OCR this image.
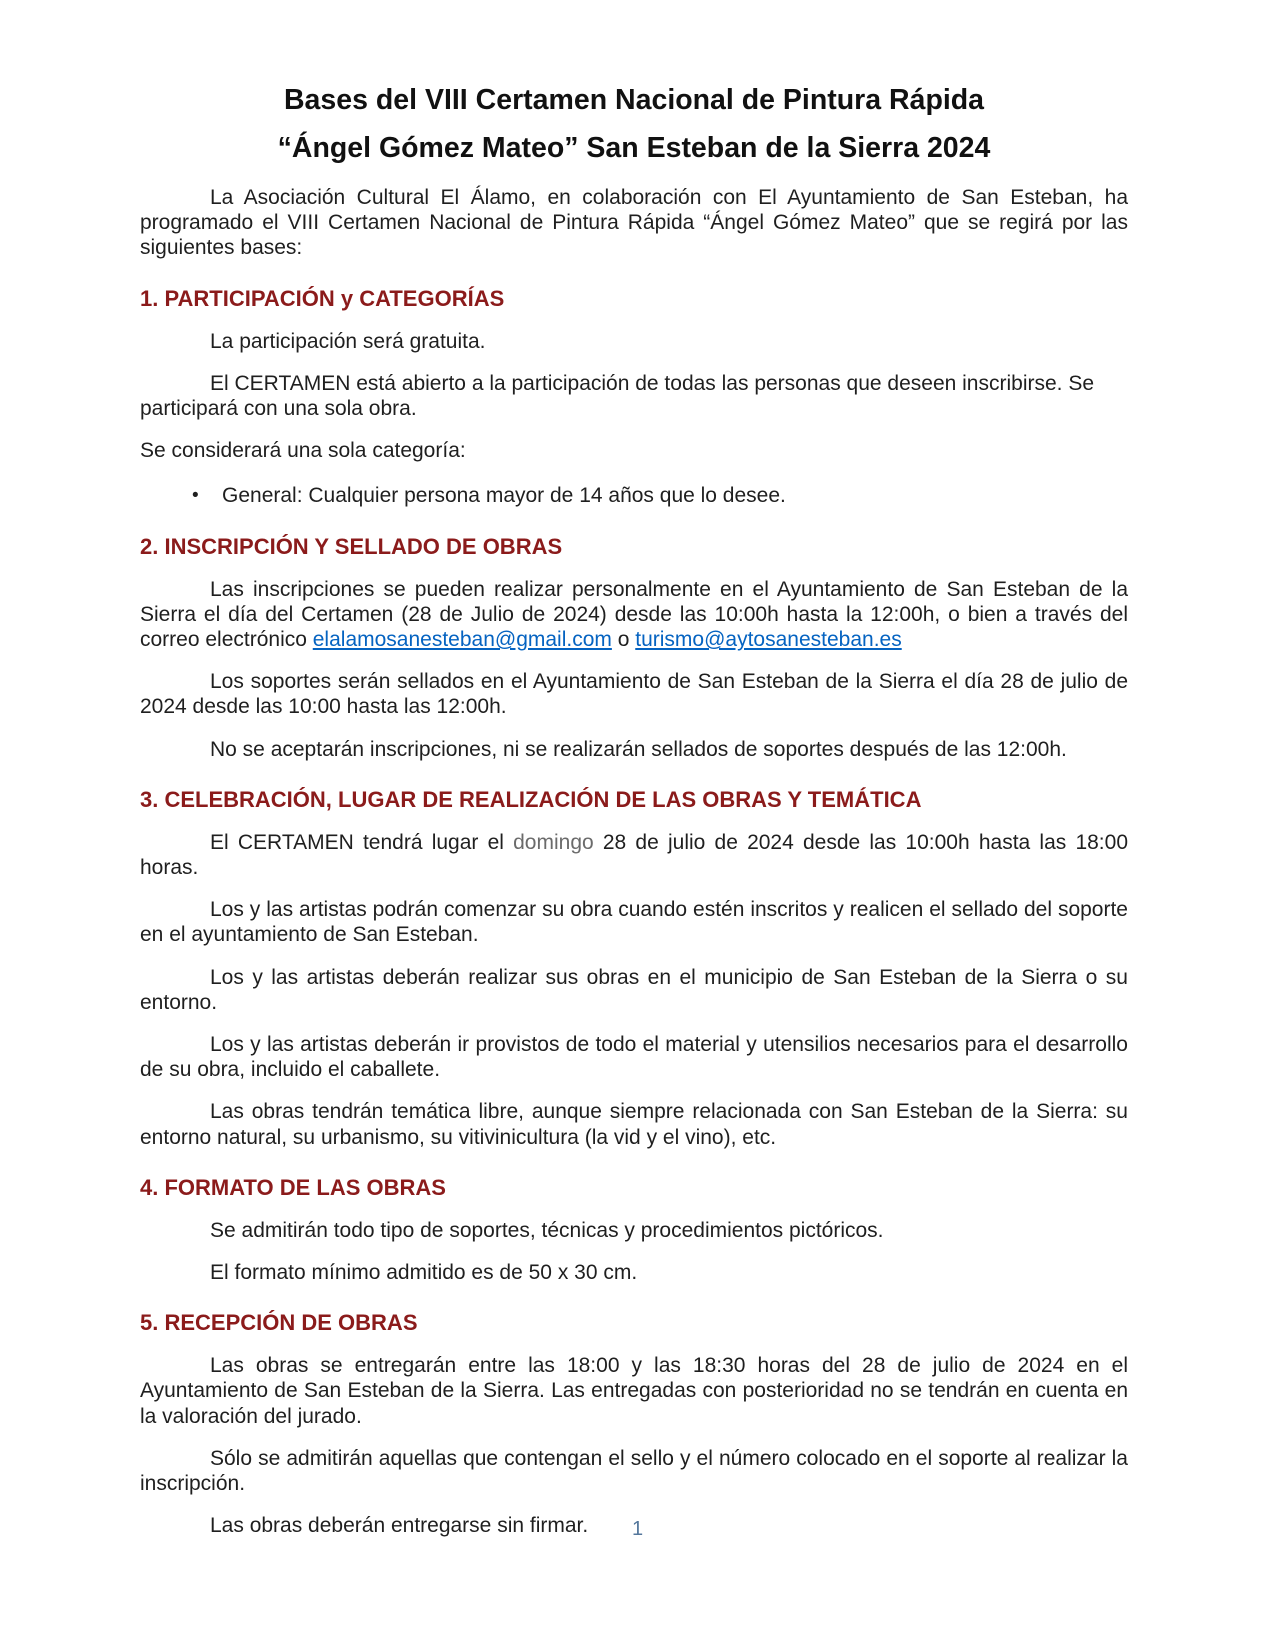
Bases del VIII Certamen Nacional de Pintura Rápida
“Ángel Gómez Mateo” San Esteban de la Sierra 2024

La Asociación Cultural El Álamo, en colaboración con El Ayuntamiento de San Esteban, ha programado el VIII Certamen Nacional de Pintura Rápida “Ángel Gómez Mateo” que se regirá por las siguientes bases:

1. PARTICIPACIÓN y CATEGORÍAS

La participación será gratuita.

El CERTAMEN está abierto a la participación de todas las personas que deseen inscribirse. Se participará con una sola obra.

Se considerará una sola categoría:

•	General: Cualquier persona mayor de 14 años que lo desee.
2. INSCRIPCIÓN Y SELLADO DE OBRAS

Las inscripciones se pueden realizar personalmente en el Ayuntamiento de San Esteban de la Sierra el día del Certamen (28 de Julio de 2024) desde las 10:00h hasta la 12:00h, o bien a través del correo electrónico elalamosanesteban@gmail.com o turismo@aytosanesteban.es

Los soportes serán sellados en el Ayuntamiento de San Esteban de la Sierra el día 28 de julio de 2024 desde las 10:00 hasta las 12:00h.

No se aceptarán inscripciones, ni se realizarán sellados de soportes después de las 12:00h.

3. CELEBRACIÓN, LUGAR DE REALIZACIÓN DE LAS OBRAS Y TEMÁTICA

El CERTAMEN tendrá lugar el domingo 28 de julio de 2024 desde las 10:00h hasta las 18:00 horas.

Los y las artistas podrán comenzar su obra cuando estén inscritos y realicen el sellado del soporte en el ayuntamiento de San Esteban.

Los y las artistas deberán realizar sus obras en el municipio de San Esteban de la Sierra o su entorno.

Los y las artistas deberán ir provistos de todo el material y utensilios necesarios para el desarrollo de su obra, incluido el caballete.

Las obras tendrán temática libre, aunque siempre relacionada con San Esteban de la Sierra: su entorno natural, su urbanismo, su vitivinicultura (la vid y el vino), etc.

4. FORMATO DE LAS OBRAS

Se admitirán todo tipo de soportes, técnicas y procedimientos pictóricos.

El formato mínimo admitido es de 50 x 30 cm.

5. RECEPCIÓN DE OBRAS

Las obras se entregarán entre las 18:00 y las 18:30 horas del 28 de julio de 2024 en el Ayuntamiento de San Esteban de la Sierra. Las entregadas con posterioridad no se tendrán en cuenta en la valoración del jurado.

Sólo se admitirán aquellas que contengan el sello y el número colocado en el soporte al realizar la inscripción.

Las obras deberán entregarse sin firmar.	1
